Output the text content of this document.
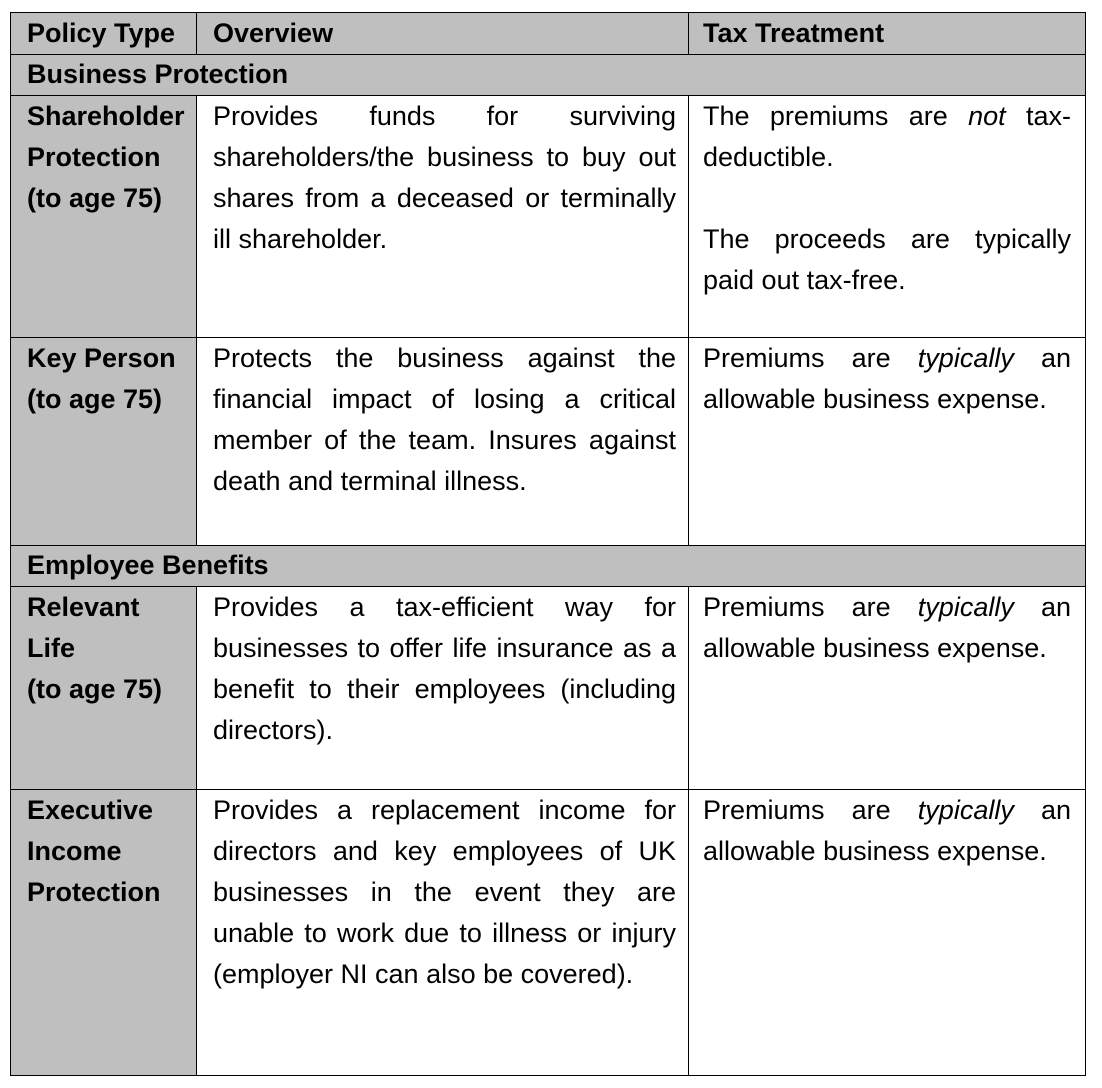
Policy Type	Overview	Tax Treatment
Business Protection
Shareholder
Protection
(to age 75)
Provides funds for surviving shareholders/the business to buy out shares from a deceased or terminally ill shareholder.
The premiums are not tax-deductible.
The proceeds are typically paid out tax-free.
Key Person
(to age 75)
Protects the business against the financial impact of losing a critical member of the team. Insures against death and terminal illness.
Premiums are typically an allowable business expense.
Employee Benefits
Relevant
Life
(to age 75)
Provides a tax-efficient way for businesses to offer life insurance as a benefit to their employees (including directors).
Premiums are typically an allowable business expense.
Executive
Income
Protection
Provides a replacement income for directors and key employees of UK businesses in the event they are unable to work due to illness or injury (employer NI can also be covered).
Premiums are typically an allowable business expense.
